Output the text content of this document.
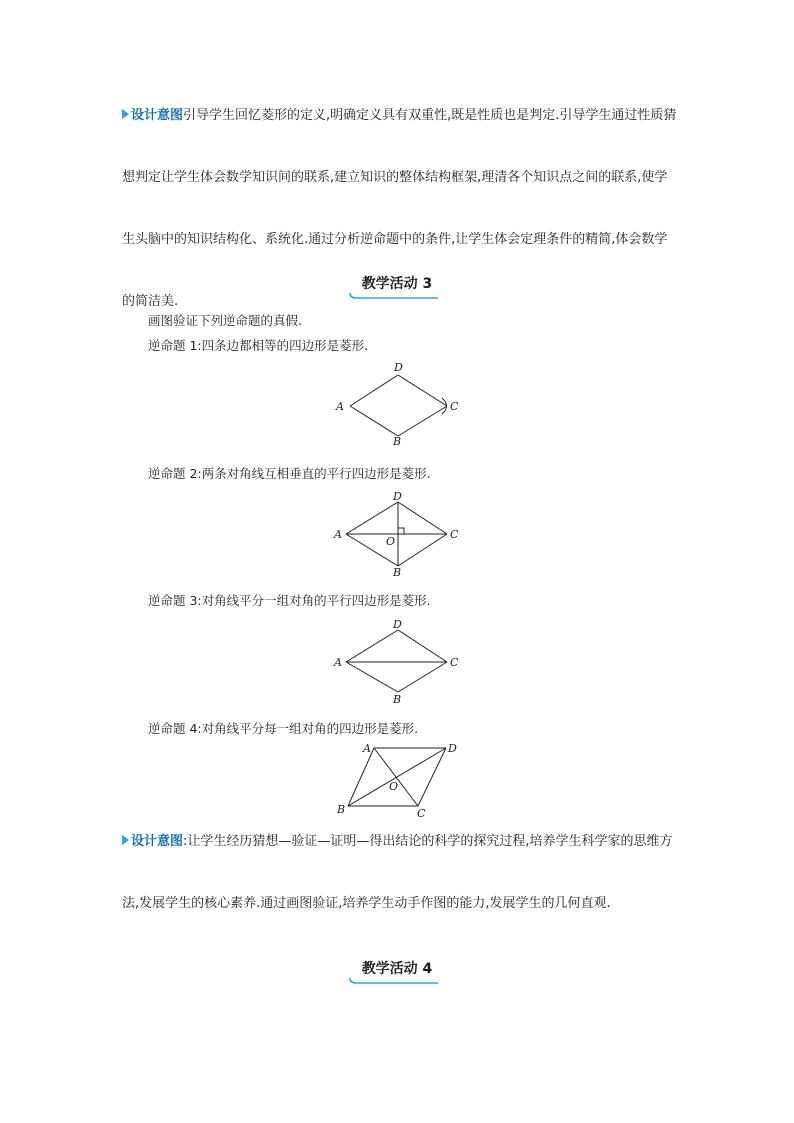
设计意图引导学生回忆菱形的定义,明确定义具有双重性,既是性质也是判定.引导学生通过性质猜想判定让学生体会数学知识间的联系,建立知识的整体结构框架,理清各个知识点之间的联系,使学生头脑中的知识结构化、系统化.通过分析逆命题中的条件,让学生体会定理条件的精简,体会数学的简洁美.

教学活动 3

画图验证下列逆命题的真假.

逆命题 1:四条边都相等的四边形是菱形.

A
D
C
B

逆命题 2:两条对角线互相垂直的平行四边形是菱形.

A
D
C
B
O

逆命题 3:对角线平分一组对角的平行四边形是菱形.

A
D
C
B

逆命题 4:对角线平分每一组对角的四边形是菱形.

A	D
C
B
O

设计意图:让学生经历猜想—验证—证明—得出结论的科学的探究过程,培养学生科学家的思维方法,发展学生的核心素养.通过画图验证,培养学生动手作图的能力,发展学生的几何直观.

教学活动 4
